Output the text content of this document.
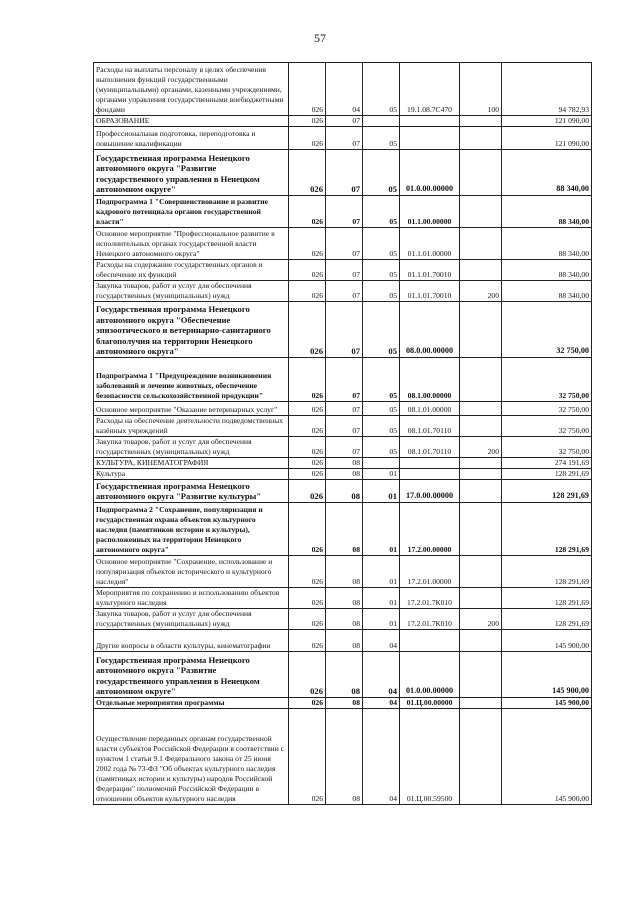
57
Расходы на выплаты персоналу в целях обеспечения выполнения функций государственными (муниципальными) органами, казенными учреждениями, органами управления государственными внебюджетными фондами	026	04	05	19.1.08.7С470	100	94 782,93
ОБРАЗОВАНИЕ	026	07				121 090,00
Профессиональная подготовка, переподготовка и повышение квалификации	026	07	05			121 090,00
Государственная программа Ненецкого автономного округа "Развитие государственного управления в Ненецком автономном округе"	026	07	05	01.0.00.00000		88 340,00
Подпрограмма 1 "Совершенствование и развитие кадрового потенциала органов государственной власти"	026	07	05	01.1.00.00000		88 340,00
Основное мероприятие "Профессиональное развитие в исполнительных органах государственной власти Ненецкого автономного округа"	026	07	05	01.1.01.00000		88 340,00
Расходы на содержание государственных органов и обеспечение их функций	026	07	05	01.1.01.70010		88 340,00
Закупка товаров, работ и услуг для обеспечения государственных (муниципальных) нужд	026	07	05	01.1.01.70010	200	88 340,00
Государственная программа Ненецкого автономного округа "Обеспечение эпизоотического и ветеринарно-санитарного благополучия на территории Ненецкого автономного округа"	026	07	05	08.0.00.00000		32 750,00
Подпрограмма 1 "Предупреждение возникновения заболеваний и лечение животных, обеспечение безопасности сельскохозяйственной продукции"	026	07	05	08.1.00.00000		32 750,00
Основное мероприятие "Оказание ветеринарных услуг"	026	07	05	08.1.01.00000		32 750,00
Расходы на обеспечение деятельности подведомственных казённых учреждений	026	07	05	08.1.01.70110		32 750,00
Закупка товаров, работ и услуг для обеспечения государственных (муниципальных) нужд	026	07	05	08.1.01.70110	200	32 750,00
КУЛЬТУРА, КИНЕМАТОГРАФИЯ	026	08				274 191,69
Культура	026	08	01			128 291,69
Государственная программа Ненецкого автономного округа "Развитие культуры"	026	08	01	17.0.00.00000		128 291,69
Подпрограмма 2 "Сохранение, популяризация и государственная охрана объектов культурного наследия (памятников истории и культуры), расположенных на территории Ненецкого автономного округа"	026	08	01	17.2.00.00000		128 291,69
Основное мероприятие "Сохранение, использование и популяризация объектов исторического и культурного наследия"	026	08	01	17.2.01.00000		128 291,69
Мероприятия по сохранению и использованию объектов культурного наследия	026	08	01	17.2.01.7К010		128 291,69
Закупка товаров, работ и услуг для обеспечения государственных (муниципальных) нужд	026	08	01	17.2.01.7К010	200	128 291,69
Другие вопросы в области культуры, кинематографии	026	08	04			145 900,00
Государственная программа Ненецкого автономного округа "Развитие государственного управления в Ненецком автономном округе"	026	08	04	01.0.00.00000		145 900,00
Отдельные мероприятия программы	026	08	04	01.Ц.00.00000		145 900,00
Осуществление переданных органам государственной власти субъектов Российской Федерации в соответствии с пунктом 1 статьи 9.1 Федерального закона от 25 июня 2002 года № 73-ФЗ "Об объектах культурного наследия (памятниках истории и культуры) народов Российской Федерации" полномочий Российской Федерации в отношении объектов культурного наследия	026	08	04	01.Ц.00.59500		145 900,00
